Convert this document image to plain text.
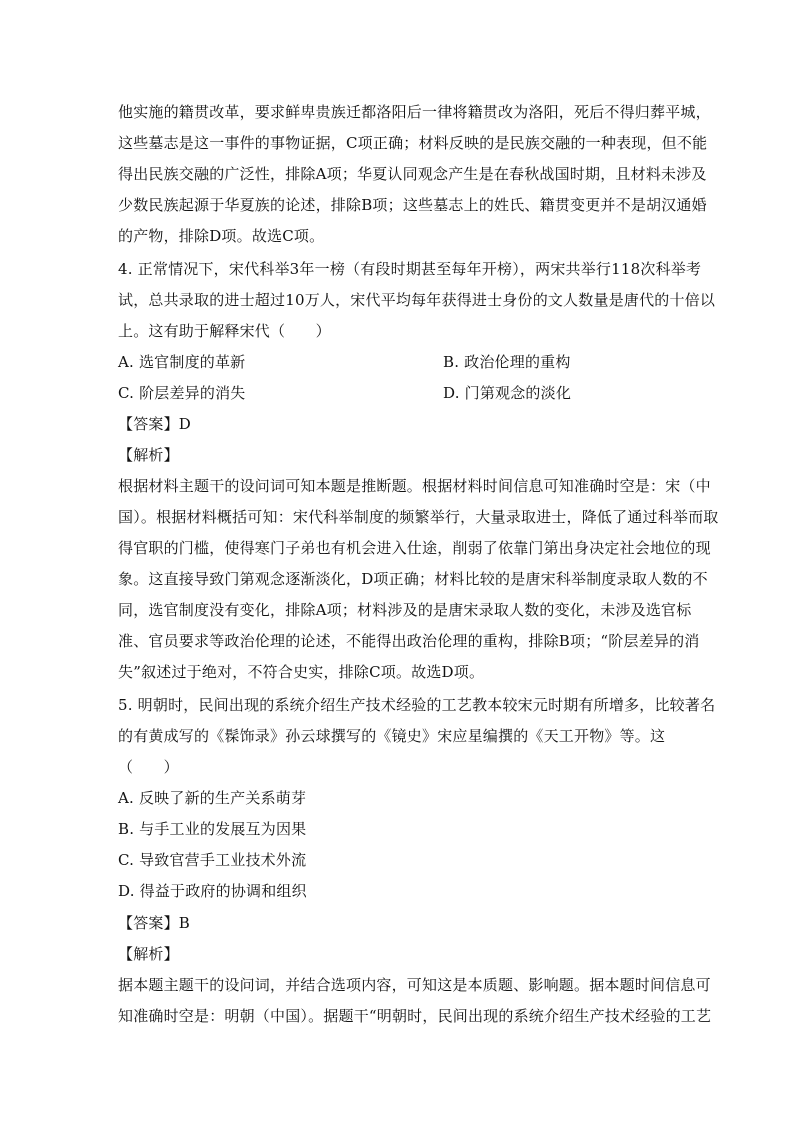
他实施的籍贯改革，要求鲜卑贵族迁都洛阳后一律将籍贯改为洛阳，死后不得归葬平城，
这些墓志是这一事件的事物证据，C项正确；材料反映的是民族交融的一种表现，但不能
得出民族交融的广泛性，排除A项；华夏认同观念产生是在春秋战国时期，且材料未涉及
少数民族起源于华夏族的论述，排除B项；这些墓志上的姓氏、籍贯变更并不是胡汉通婚
的产物，排除D项。故选C项。
4. 正常情况下，宋代科举3年一榜（有段时期甚至每年开榜），两宋共举行118次科举考
试，总共录取的进士超过10万人，宋代平均每年获得进士身份的文人数量是唐代的十倍以
上。这有助于解释宋代（　　）
A. 选官制度的革新	B. 政治伦理的重构
C. 阶层差异的消失	D. 门第观念的淡化
【答案】D
【解析】
根据材料主题干的设问词可知本题是推断题。根据材料时间信息可知准确时空是：宋（中
国）。根据材料概括可知：宋代科举制度的频繁举行，大量录取进士，降低了通过科举而取
得官职的门槛，使得寒门子弟也有机会进入仕途，削弱了依靠门第出身决定社会地位的现
象。这直接导致门第观念逐渐淡化，D项正确；材料比较的是唐宋科举制度录取人数的不
同，选官制度没有变化，排除A项；材料涉及的是唐宋录取人数的变化，未涉及选官标
准、官员要求等政治伦理的论述，不能得出政治伦理的重构，排除B项；“阶层差异的消
失”叙述过于绝对，不符合史实，排除C项。故选D项。
5. 明朝时，民间出现的系统介绍生产技术经验的工艺教本较宋元时期有所增多，比较著名
的有黄成写的《髹饰录》孙云球撰写的《镜史》宋应星编撰的《天工开物》等。这
（　　）
A. 反映了新的生产关系萌芽
B. 与手工业的发展互为因果
C. 导致官营手工业技术外流
D. 得益于政府的协调和组织
【答案】B
【解析】
据本题主题干的设问词，并结合选项内容，可知这是本质题、影响题。据本题时间信息可
知准确时空是：明朝（中国）。据题干“明朝时，民间出现的系统介绍生产技术经验的工艺
